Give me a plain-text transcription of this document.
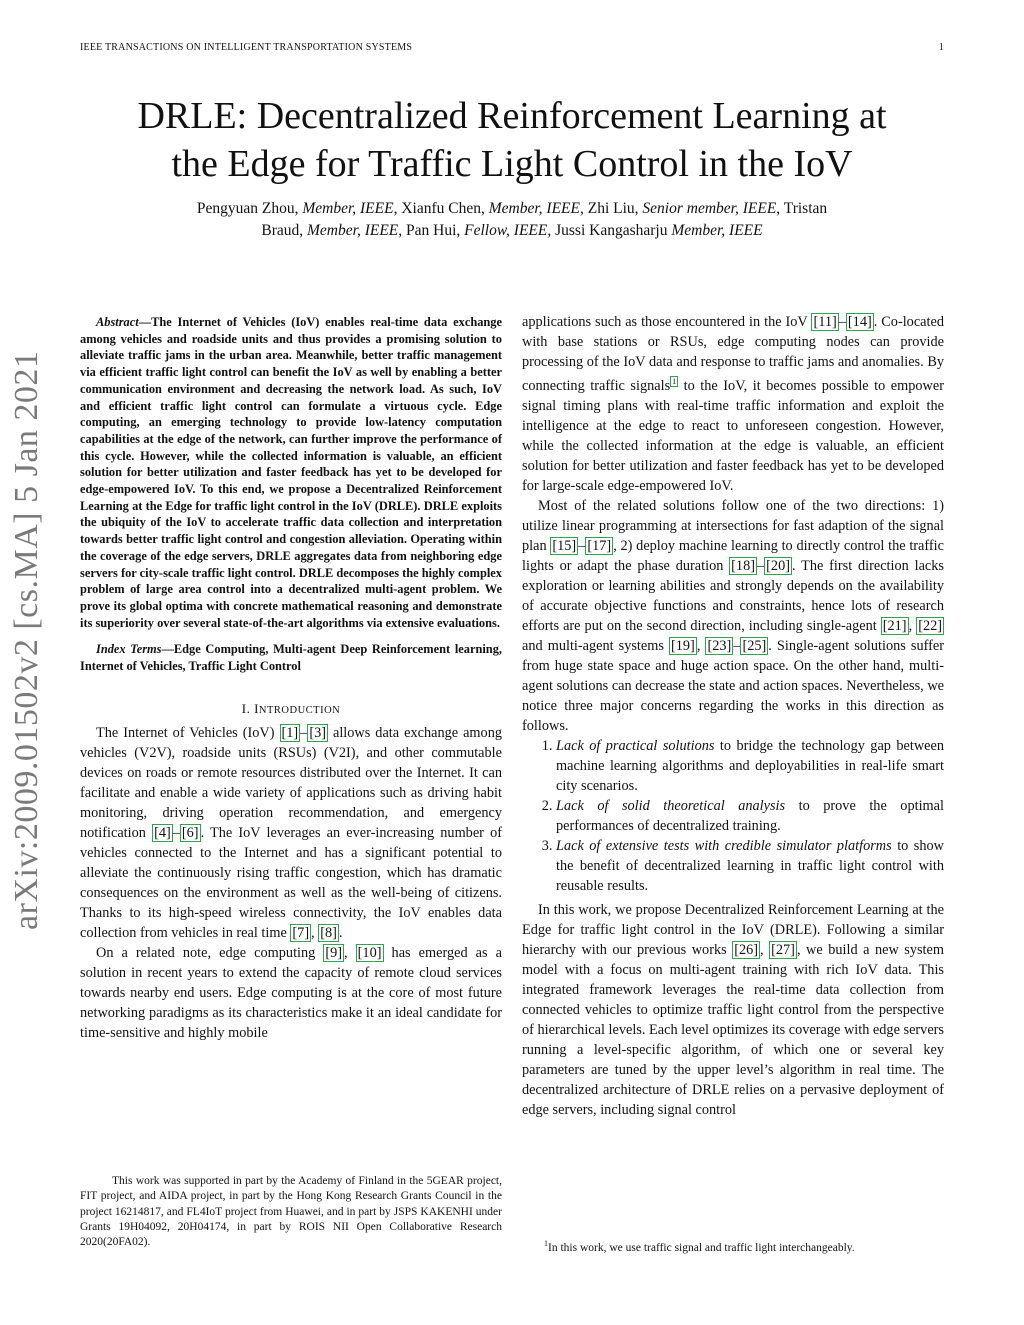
IEEE TRANSACTIONS ON INTELLIGENT TRANSPORTATION SYSTEMS	1
DRLE: Decentralized Reinforcement Learning at
the Edge for Traffic Light Control in the IoV
Pengyuan Zhou, Member, IEEE, Xianfu Chen, Member, IEEE, Zhi Liu, Senior member, IEEE, Tristan
Braud, Member, IEEE, Pan Hui, Fellow, IEEE, Jussi Kangasharju Member, IEEE
arXiv:2009.01502v2 [cs.MA] 5 Jan 2021

Abstract—The Internet of Vehicles (IoV) enables real-time data exchange among vehicles and roadside units and thus provides a promising solution to alleviate traffic jams in the urban area. Meanwhile, better traffic management via efficient traffic light control can benefit the IoV as well by enabling a better communication environment and decreasing the network load. As such, IoV and efficient traffic light control can formulate a virtuous cycle. Edge computing, an emerging technology to provide low-latency computation capabilities at the edge of the network, can further improve the performance of this cycle. However, while the collected information is valuable, an efficient solution for better utilization and faster feedback has yet to be developed for edge-empowered IoV. To this end, we propose a Decentralized Reinforcement Learning at the Edge for traffic light control in the IoV (DRLE). DRLE exploits the ubiquity of the IoV to accelerate traffic data collection and interpretation towards better traffic light control and congestion alleviation. Operating within the coverage of the edge servers, DRLE aggregates data from neighboring edge servers for city-scale traffic light control. DRLE decomposes the highly complex problem of large area control into a decentralized multi-agent problem. We prove its global optima with concrete mathematical reasoning and demonstrate its superiority over several state-of-the-art algorithms via extensive evaluations.

Index Terms—Edge Computing, Multi-agent Deep Reinforcement learning, Internet of Vehicles, Traffic Light Control

I. INTRODUCTION

The Internet of Vehicles (IoV) [1] – [3] allows data exchange among vehicles (V2V), roadside units (RSUs) (V2I), and other commutable devices on roads or remote resources distributed over the Internet. It can facilitate and enable a wide variety of applications such as driving habit monitoring, driving operation recommendation, and emergency notification [4] – [6] . The IoV leverages an ever-increasing number of vehicles connected to the Internet and has a significant potential to alleviate the continuously rising traffic congestion, which has dramatic consequences on the environment as well as the well-being of citizens. Thanks to its high-speed wireless connectivity, the IoV enables data collection from vehicles in real time [7] , [8] .

On a related note, edge computing [9] , [10] has emerged as a solution in recent years to extend the capacity of remote cloud services towards nearby end users. Edge computing is at the core of most future networking paradigms as its characteristics make it an ideal candidate for time-sensitive and highly mobile

applications such as those encountered in the IoV [11] – [14] . Co-located with base stations or RSUs, edge computing nodes can provide processing of the IoV data and response to traffic jams and anomalies. By connecting traffic signals $^1$ to the IoV, it becomes possible to empower signal timing plans with real-time traffic information and exploit the intelligence at the edge to react to unforeseen congestion. However, while the collected information at the edge is valuable, an efficient solution for better utilization and faster feedback has yet to be developed for large-scale edge-empowered IoV.

Most of the related solutions follow one of the two directions: 1) utilize linear programming at intersections for fast adaption of the signal plan [15] – [17] , 2) deploy machine learning to directly control the traffic lights or adapt the phase duration [18] – [20] . The first direction lacks exploration or learning abilities and strongly depends on the availability of accurate objective functions and constraints, hence lots of research efforts are put on the second direction, including single-agent [21] , [22] and multi-agent systems [19] , [23] – [25] . Single-agent solutions suffer from huge state space and huge action space. On the other hand, multi-agent solutions can decrease the state and action spaces. Nevertheless, we notice three major concerns regarding the works in this direction as follows.

1. Lack of practical solutions to bridge the technology gap between machine learning algorithms and deployabilities in real-life smart city scenarios.
2. Lack of solid theoretical analysis to prove the optimal performances of decentralized training.
3. Lack of extensive tests with credible simulator platforms to show the benefit of decentralized learning in traffic light control with reusable results.

In this work, we propose Decentralized Reinforcement Learning at the Edge for traffic light control in the IoV (DRLE). Following a similar hierarchy with our previous works [26] , [27] , we build a new system model with a focus on multi-agent training with rich IoV data. This integrated framework leverages the real-time data collection from connected vehicles to optimize traffic light control from the perspective of hierarchical levels. Each level optimizes its coverage with edge servers running a level-specific algorithm, of which one or several key parameters are tuned by the upper level’s algorithm in real time. The decentralized architecture of DRLE relies on a pervasive deployment of edge servers, including signal control

This work was supported in part by the Academy of Finland in the 5GEAR project, FIT project, and AIDA project, in part by the Hong Kong Research Grants Council in the project 16214817, and FL4IoT project from Huawei, and in part by JSPS KAKENHI under Grants 19H04092, 20H04174, in part by ROIS NII Open Collaborative Research 2020(20FA02).	$^1$In this work, we use traffic signal and traffic light interchangeably.
